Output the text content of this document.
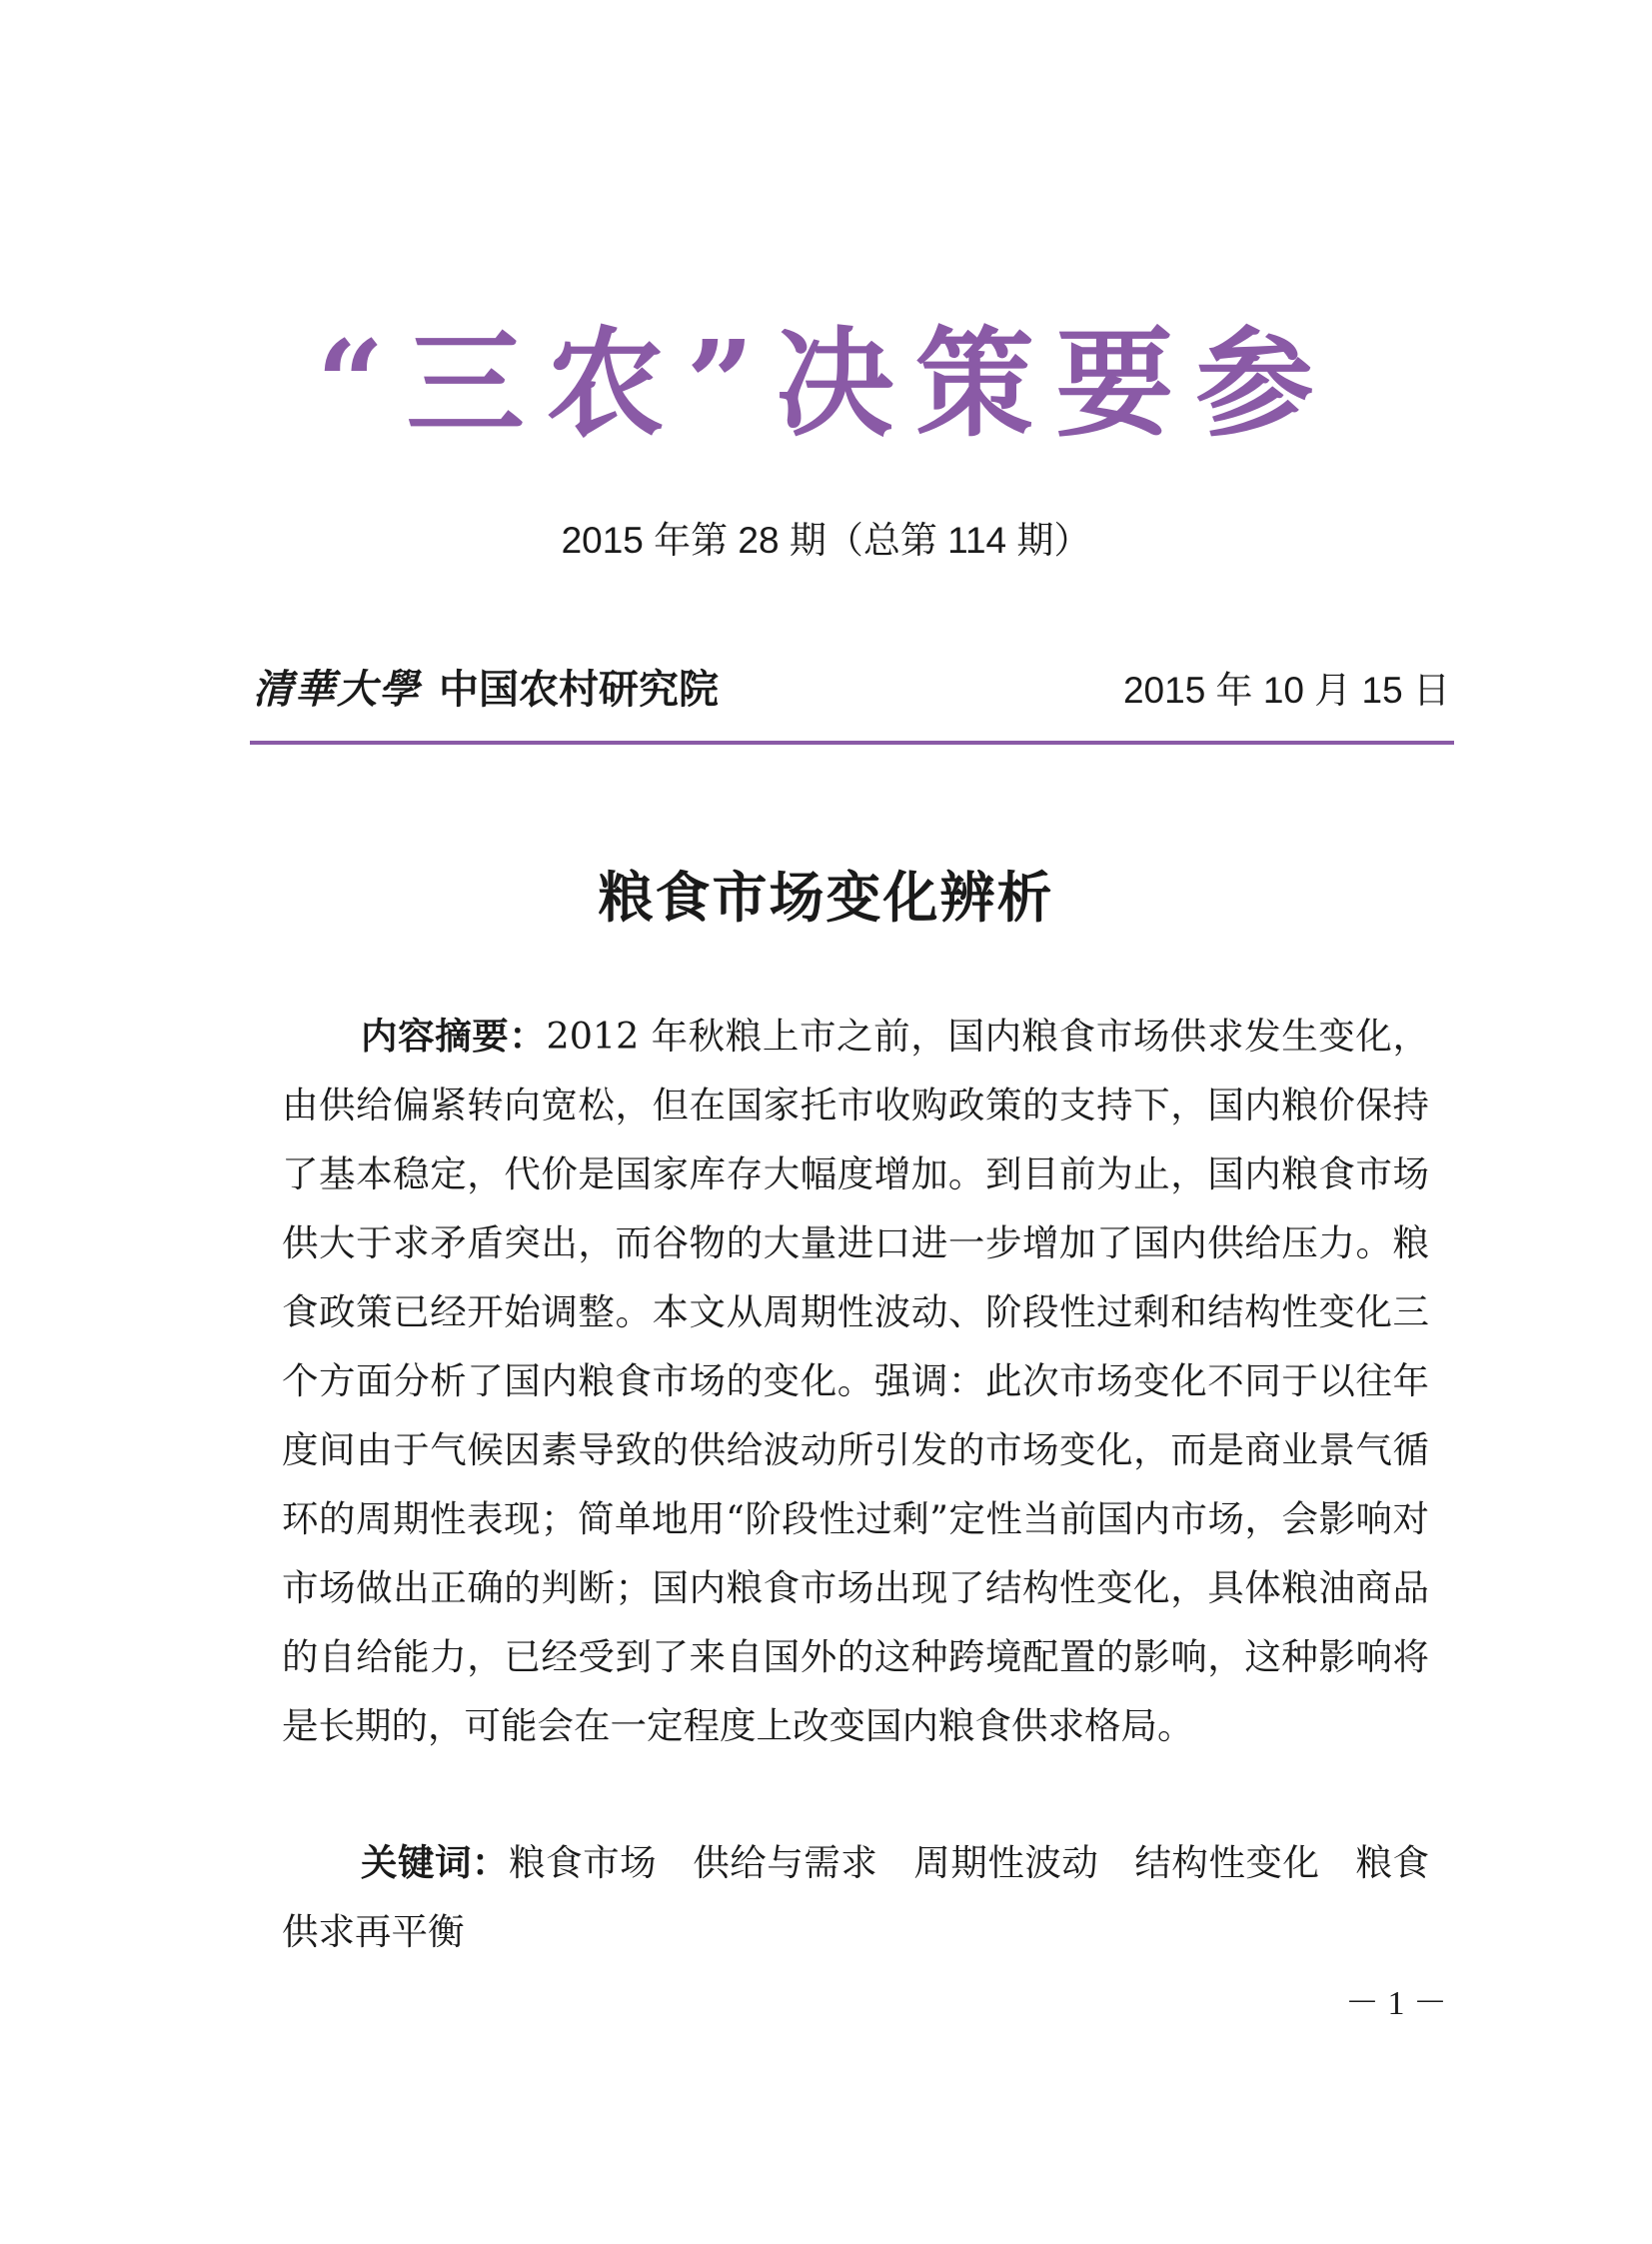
“三农”决策要参
2015 年第 28 期（总第 114 期）
清華大學 中国农村研究院	2015 年 10 月 15 日
粮食市场变化辨析

内容摘要：2012 年秋粮上市之前，国内粮食市场供求发生变化，由供给偏紧转向宽松，但在国家托市收购政策的支持下，国内粮价保持了基本稳定，代价是国家库存大幅度增加。到目前为止，国内粮食市场供大于求矛盾突出，而谷物的大量进口进一步增加了国内供给压力。粮食政策已经开始调整。本文从周期性波动、阶段性过剩和结构性变化三个方面分析了国内粮食市场的变化。强调：此次市场变化不同于以往年度间由于气候因素导致的供给波动所引发的市场变化，而是商业景气循环的周期性表现；简单地用“阶段性过剩”定性当前国内市场，会影响对市场做出正确的判断；国内粮食市场出现了结构性变化，具体粮油商品的自给能力，已经受到了来自国外的这种跨境配置的影响，这种影响将是长期的，可能会在一定程度上改变国内粮食供求格局。

关键词：粮食市场 供给与需求 周期性波动 结构性变化 粮食供求再平衡

－ 1 －
